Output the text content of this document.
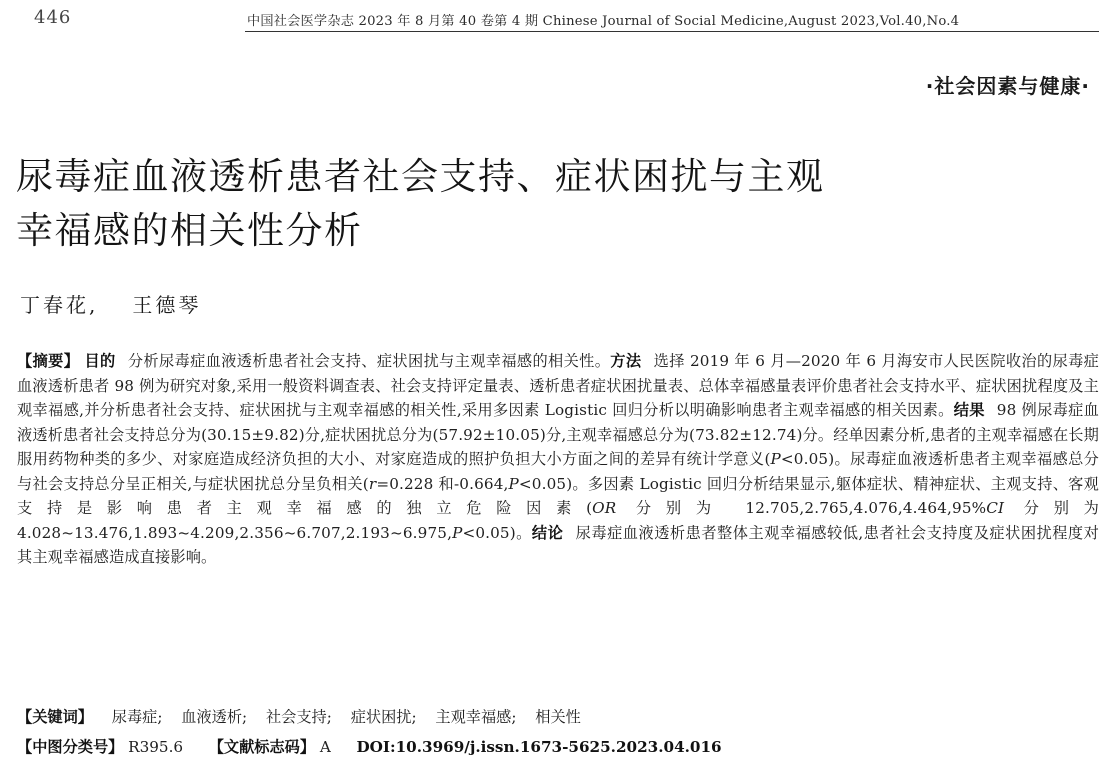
446	中国社会医学杂志 2023 年 8 月第 40 卷第 4 期 Chinese Journal of Social Medicine,August 2023,Vol.40,No.4
·社会因素与健康·
尿毒症血液透析患者社会支持、症状困扰与主观
幸福感的相关性分析
丁春花, 王德琴

【摘要】 目的 分析尿毒症血液透析患者社会支持、症状困扰与主观幸福感的相关性。方法 选择 2019 年 6 月—2020 年 6 月海安市人民医院收治的尿毒症血液透析患者 98 例为研究对象,采用一般资料调查表、社会支持评定量表、透析患者症状困扰量表、总体幸福感量表评价患者社会支持水平、症状困扰程度及主观幸福感,并分析患者社会支持、症状困扰与主观幸福感的相关性,采用多因素 Logistic 回归分析以明确影响患者主观幸福感的相关因素。结果 98 例尿毒症血液透析患者社会支持总分为(30.15±9.82)分,症状困扰总分为(57.92±10.05)分,主观幸福感总分为(73.82±12.74)分。经单因素分析,患者的主观幸福感在长期服用药物种类的多少、对家庭造成经济负担的大小、对家庭造成的照护负担大小方面之间的差异有统计学意义(P<0.05)。尿毒症血液透析患者主观幸福感总分与社会支持总分呈正相关,与症状困扰总分呈负相关(r=0.228 和-0.664,P<0.05)。多因素 Logistic 回归分析结果显示,躯体症状、精神症状、主观支持、客观支持是影响患者主观幸福感的独立危险因素(OR 分别为 12.705,2.765,4.076,4.464,95%CI 分别为 4.028~13.476,1.893~4.209,2.356~6.707,2.193~6.975,P<0.05)。结论 尿毒症血液透析患者整体主观幸福感较低,患者社会支持度及症状困扰程度对其主观幸福感造成直接影响。

【关键词】 尿毒症; 血液透析; 社会支持; 症状困扰; 主观幸福感; 相关性
【中图分类号】 R395.6 【文献标志码】 A DOI:10.3969/j.issn.1673-5625.2023.04.016
